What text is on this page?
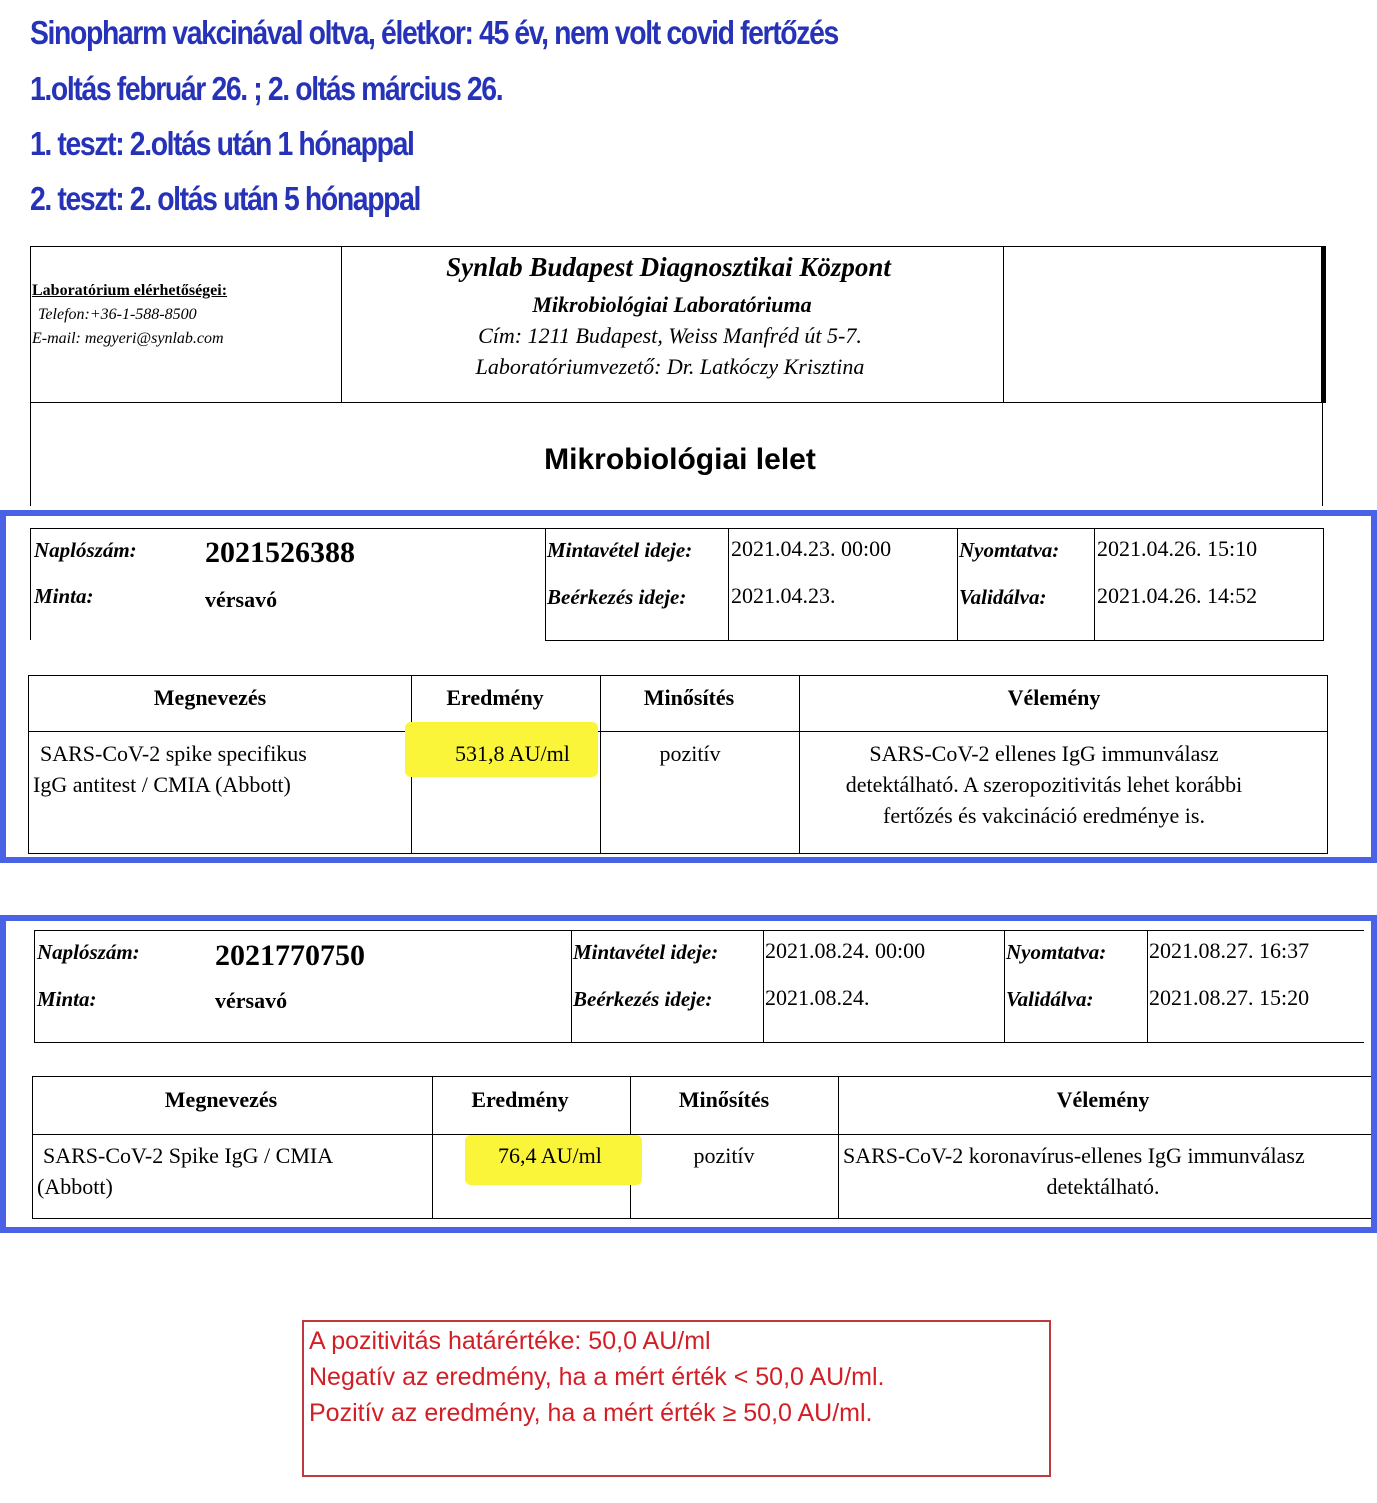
Sinopharm vakcinával oltva, életkor: 45 év, nem volt covid fertőzés
1.oltás február 26. ; 2. oltás március 26.
1. teszt: 2.oltás után 1 hónappal
2. teszt: 2. oltás után 5 hónappal
Laboratórium elérhetőségei:
Telefon:+36-1-588-8500
E-mail: megyeri@synlab.com
Synlab Budapest Diagnosztikai Központ
Mikrobiológiai Laboratóriuma
Cím: 1211 Budapest, Weiss Manfréd út 5-7.
Laboratóriumvezető: Dr. Latkóczy Krisztina
Mikrobiológiai lelet
Naplószám: 2021526388
Minta:	vérsavó
Mintavétel ideje: 2021.04.23. 00:00
Beérkezés ideje: 2021.04.23.
Nyomtatva: 2021.04.26. 15:10
Validálva: 2021.04.26. 14:52
Megnevezés	Eredmény	Minősítés	Vélemény
SARS-CoV-2 spike specifikus
IgG antitest / CMIA (Abbott)
531,8 AU/ml	pozitív	SARS-CoV-2 ellenes IgG immunválasz
detektálható. A szeropozitivitás lehet korábbi
fertőzés és vakcináció eredménye is.
Naplószám:	2021770750
Minta:	vérsavó
Mintavétel ideje: 2021.08.24. 00:00
Beérkezés ideje: 2021.08.24.
Nyomtatva: 2021.08.27. 16:37
Validálva:	2021.08.27. 15:20
Megnevezés	Eredmény	Minősítés	Vélemény
SARS-CoV-2 Spike IgG / CMIA
(Abbott)
76,4 AU/ml	pozitív	SARS-CoV-2 koronavírus-ellenes IgG immunválasz
detektálható.
A pozitivitás határértéke: 50,0 AU/ml
Negatív az eredmény, ha a mért érték < 50,0 AU/ml.
Pozitív az eredmény, ha a mért érték ≥ 50,0 AU/ml.
